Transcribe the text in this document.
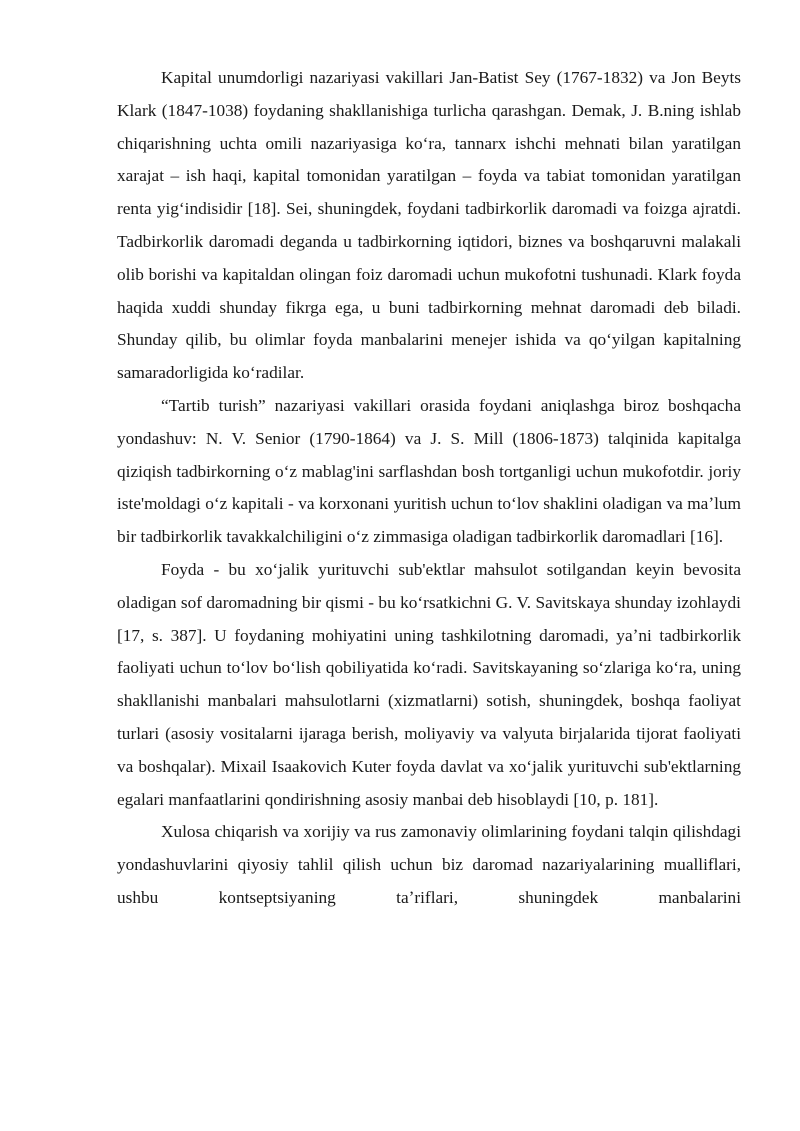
Kapital unumdorligi nazariyasi vakillari Jan-Batist Sey (1767-1832) va Jon Beyts Klark (1847-1038) foydaning shakllanishiga turlicha qarashgan. Demak, J. B.ning ishlab chiqarishning uchta omili nazariyasiga koʻra, tannarx ishchi mehnati bilan yaratilgan xarajat – ish haqi, kapital tomonidan yaratilgan – foyda va tabiat tomonidan yaratilgan renta yigʻindisidir [18]. Sei, shuningdek, foydani tadbirkorlik daromadi va foizga ajratdi. Tadbirkorlik daromadi deganda u tadbirkorning iqtidori, biznes va boshqaruvni malakali olib borishi va kapitaldan olingan foiz daromadi uchun mukofotni tushunadi. Klark foyda haqida xuddi shunday fikrga ega, u buni tadbirkorning mehnat daromadi deb biladi. Shunday qilib, bu olimlar foyda manbalarini menejer ishida va qoʻyilgan kapitalning samaradorligida koʻradilar.

“Tartib turish” nazariyasi vakillari orasida foydani aniqlashga biroz boshqacha yondashuv: N. V. Senior (1790-1864) va J. S. Mill (1806-1873) talqinida kapitalga qiziqish tadbirkorning oʻz mablag'ini sarflashdan bosh tortganligi uchun mukofotdir. joriy iste'moldagi oʻz kapitali - va korxonani yuritish uchun toʻlov shaklini oladigan va maʼlum bir tadbirkorlik tavakkalchiligini oʻz zimmasiga oladigan tadbirkorlik daromadlari [16].

Foyda - bu xoʻjalik yurituvchi sub'ektlar mahsulot sotilgandan keyin bevosita oladigan sof daromadning bir qismi - bu koʻrsatkichni G. V. Savitskaya shunday izohlaydi [17, s. 387]. U foydaning mohiyatini uning tashkilotning daromadi, yaʼni tadbirkorlik faoliyati uchun toʻlov boʻlish qobiliyatida koʻradi. Savitskayaning soʻzlariga koʻra, uning shakllanishi manbalari mahsulotlarni (xizmatlarni) sotish, shuningdek, boshqa faoliyat turlari (asosiy vositalarni ijaraga berish, moliyaviy va valyuta birjalarida tijorat faoliyati va boshqalar). Mixail Isaakovich Kuter foyda davlat va xoʻjalik yurituvchi sub'ektlarning egalari manfaatlarini qondirishning asosiy manbai deb hisoblaydi [10, p. 181].

Xulosa chiqarish va xorijiy va rus zamonaviy olimlarining foydani talqin qilishdagi yondashuvlarini qiyosiy tahlil qilish uchun biz daromad nazariyalarining mualliflari, ushbu kontseptsiyaning taʼriflari, shuningdek manbalarini
